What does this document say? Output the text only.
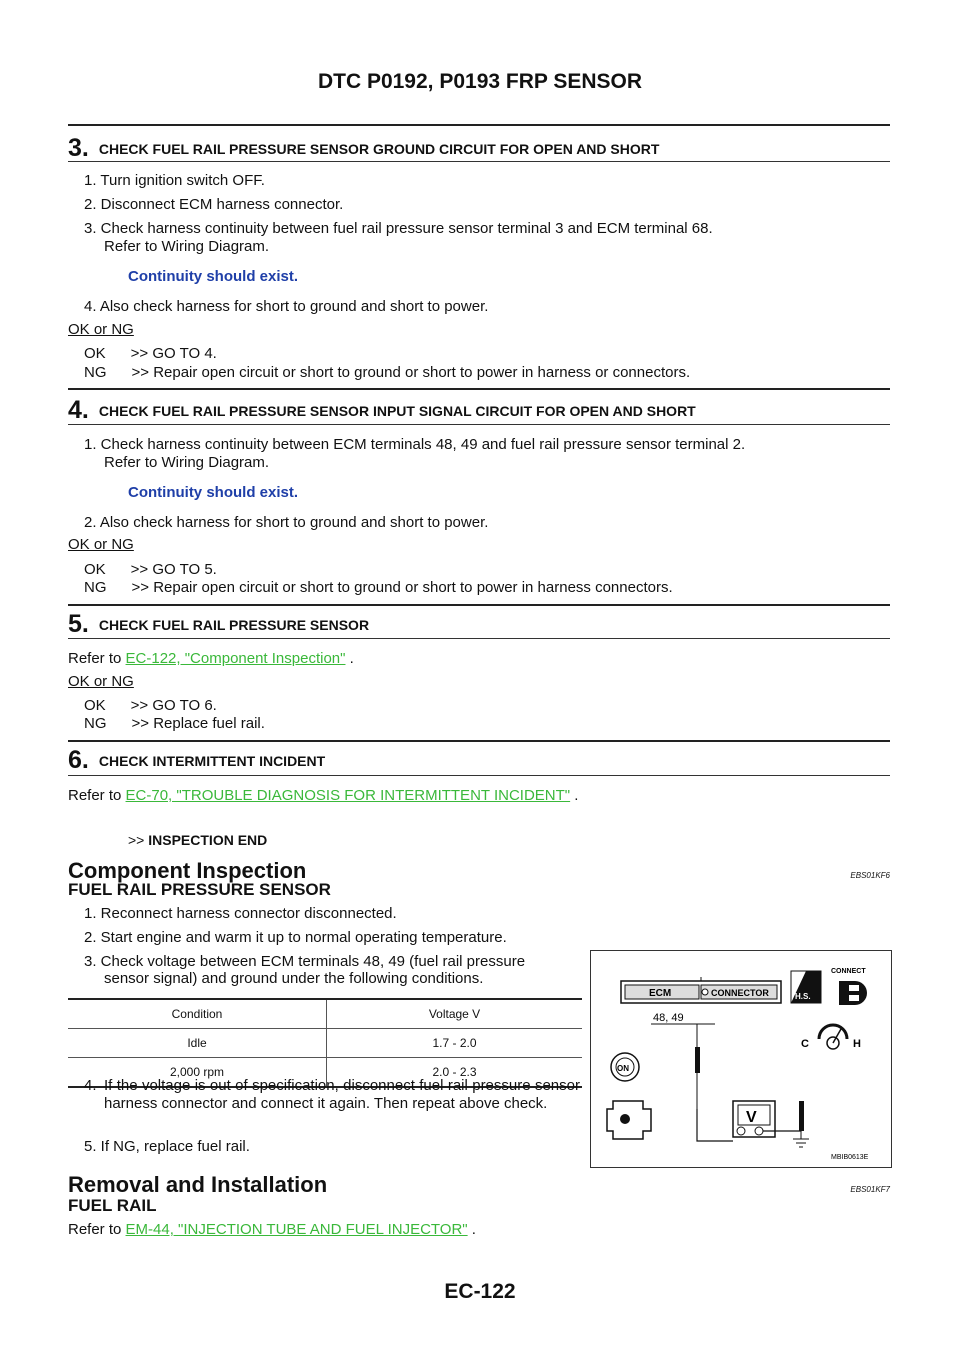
DTC P0192, P0193 FRP SENSOR
3. CHECK FUEL RAIL PRESSURE SENSOR GROUND CIRCUIT FOR OPEN AND SHORT
1. Turn ignition switch OFF.
2. Disconnect ECM harness connector.
3. Check harness continuity between fuel rail pressure sensor terminal 3 and ECM terminal 68.
Refer to Wiring Diagram.
Continuity should exist.
4. Also check harness for short to ground and short to power.
OK or NG
OK      >> GO TO 4.
NG      >> Repair open circuit or short to ground or short to power in harness or connectors.
4. CHECK FUEL RAIL PRESSURE SENSOR INPUT SIGNAL CIRCUIT FOR OPEN AND SHORT
1. Check harness continuity between ECM terminals 48, 49 and fuel rail pressure sensor terminal 2.
Refer to Wiring Diagram.
Continuity should exist.
2. Also check harness for short to ground and short to power.
OK or NG
OK      >> GO TO 5.
NG      >> Repair open circuit or short to ground or short to power in harness connectors.
5. CHECK FUEL RAIL PRESSURE SENSOR
Refer to EC-122, "Component Inspection" .
OK or NG
OK      >> GO TO 6.
NG      >> Replace fuel rail.
6. CHECK INTERMITTENT INCIDENT
Refer to EC-70, "TROUBLE DIAGNOSIS FOR INTERMITTENT INCIDENT" .
>> INSPECTION END
Component Inspection	EBS01KF6
FUEL RAIL PRESSURE SENSOR
1. Reconnect harness connector disconnected.
2. Start engine and warm it up to normal operating temperature.
3. Check voltage between ECM terminals 48, 49 (fuel rail pressure
sensor signal) and ground under the following conditions.
Condition	Voltage V
Idle	1.7 - 2.0
2,000 rpm	2.0 - 2.3
4. If the voltage is out of specification, disconnect fuel rail pressure sensor harness connector and connect it again. Then repeat above check.
5. If NG, replace fuel rail.
ECM	CONNECTOR
48, 49
V
H.S.
CONNECT
C	H
ON
MBIB0613E
Removal and Installation	EBS01KF7
FUEL RAIL
Refer to EM-44, "INJECTION TUBE AND FUEL INJECTOR" .
EC-122
